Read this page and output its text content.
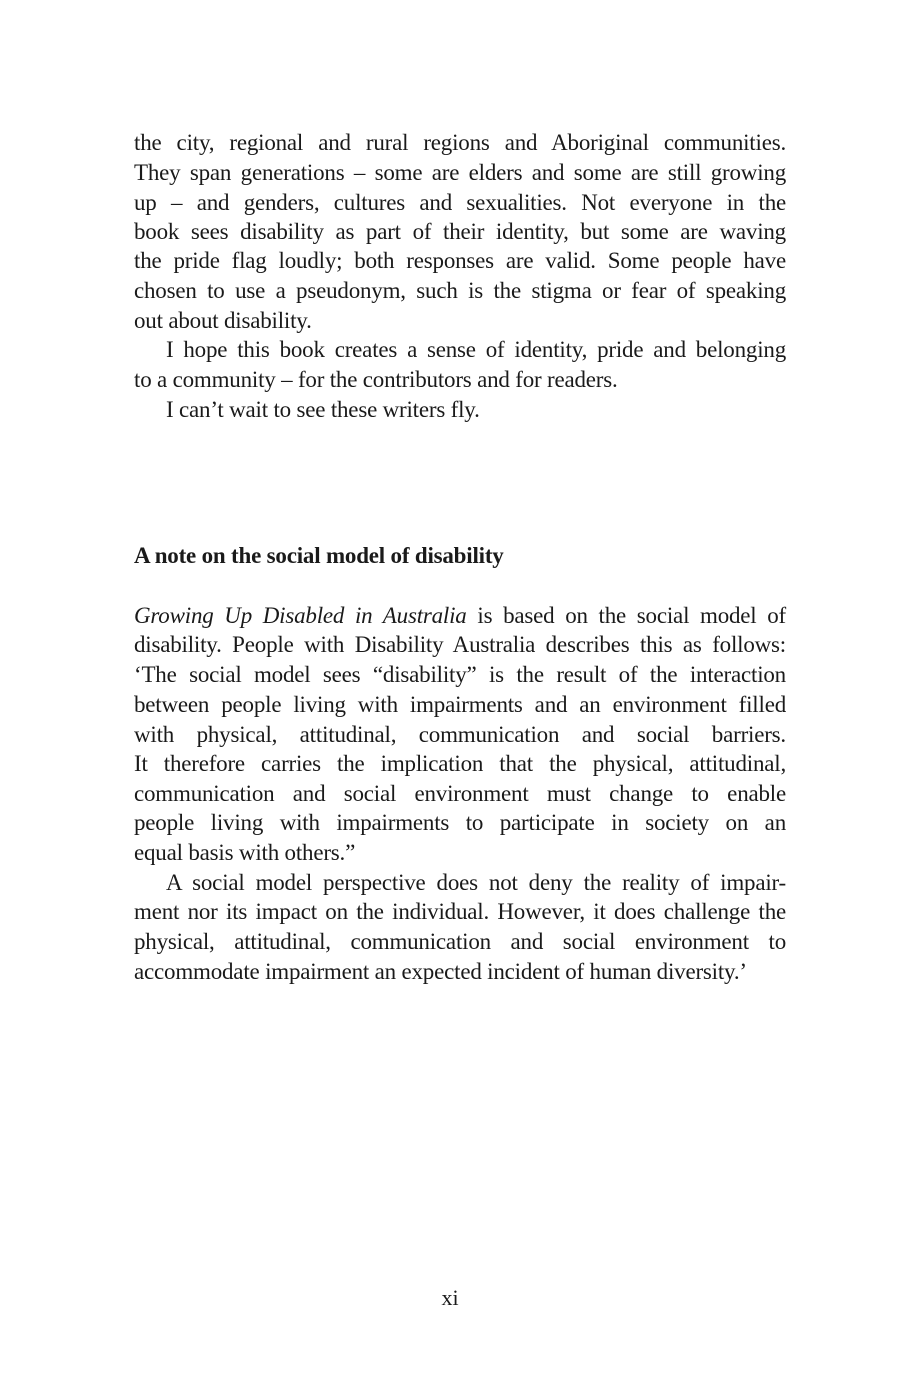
the city, regional and rural regions and Aboriginal communities.
They span generations – some are elders and some are still growing
up – and genders, cultures and sexualities. Not everyone in the
book sees disability as part of their identity, but some are waving
the pride flag loudly; both responses are valid. Some people have
chosen to use a pseudonym, such is the stigma or fear of speaking
out about disability.
I hope this book creates a sense of identity, pride and belonging
to a community – for the contributors and for readers.
I can’t wait to see these writers fly.
A note on the social model of disability
Growing Up Disabled in Australia is based on the social model of
disability. People with Disability Australia describes this as follows:
‘The social model sees “disability” is the result of the interaction
between people living with impairments and an environment filled
with physical, attitudinal, communication and social barriers.
It therefore carries the implication that the physical, attitudinal,
communication and social environment must change to enable
people living with impairments to participate in society on an
equal basis with others.”
A social model perspective does not deny the reality of impair-
ment nor its impact on the individual. However, it does challenge the
physical, attitudinal, communication and social environment to
accommodate impairment an expected incident of human diversity.’
xi
